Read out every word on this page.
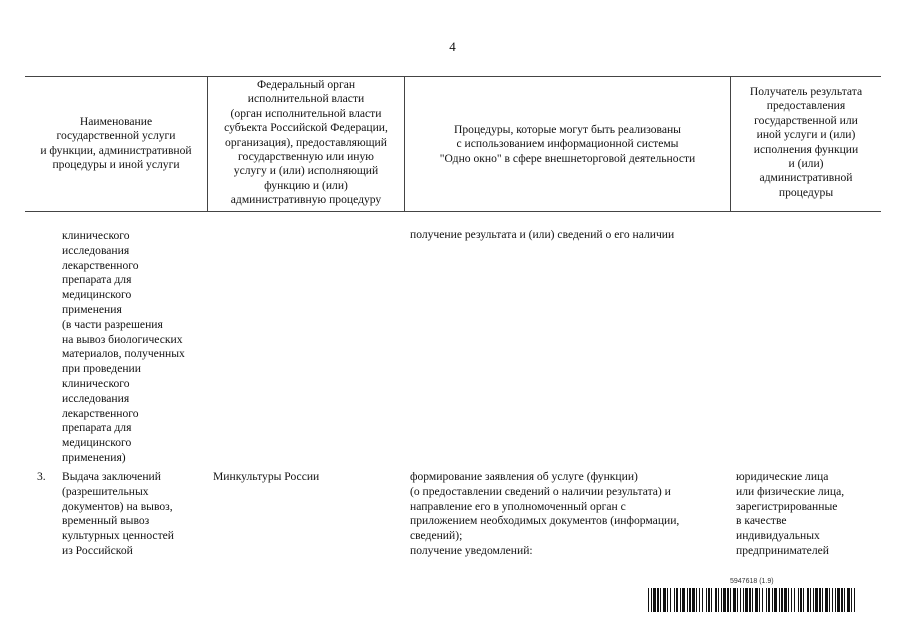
4
Наименование
государственной услуги
и функции, административной
процедуры и иной услуги
Федеральный орган
исполнительной власти
(орган исполнительной власти
субъекта Российской Федерации,
организация), предоставляющий
государственную или иную
услугу и (или) исполняющий
функцию и (или)
административную процедуру
Процедуры, которые могут быть реализованы
с использованием информационной системы
"Одно окно" в сфере внешнеторговой деятельности
Получатель результата
предоставления
государственной или
иной услуги и (или)
исполнения функции
и (или)
административной
процедуры
клинического
исследования
лекарственного
препарата для
медицинского
применения
(в части разрешения
на вывоз биологических
материалов, полученных
при проведении
клинического
исследования
лекарственного
препарата для
медицинского
применения)
получение результата и (или) сведений о его наличии
3. Выдача заключений
(разрешительных
документов) на вывоз,
временный вывоз
культурных ценностей
из Российской
Минкультуры России	формирование заявления об услуге (функции)
(о предоставлении сведений о наличии результата) и
направление его в уполномоченный орган с
приложением необходимых документов (информации,
сведений);
получение уведомлений:
юридические лица
или физические лица,
зарегистрированные
в качестве
индивидуальных
предпринимателей
5947618 (1.9)
